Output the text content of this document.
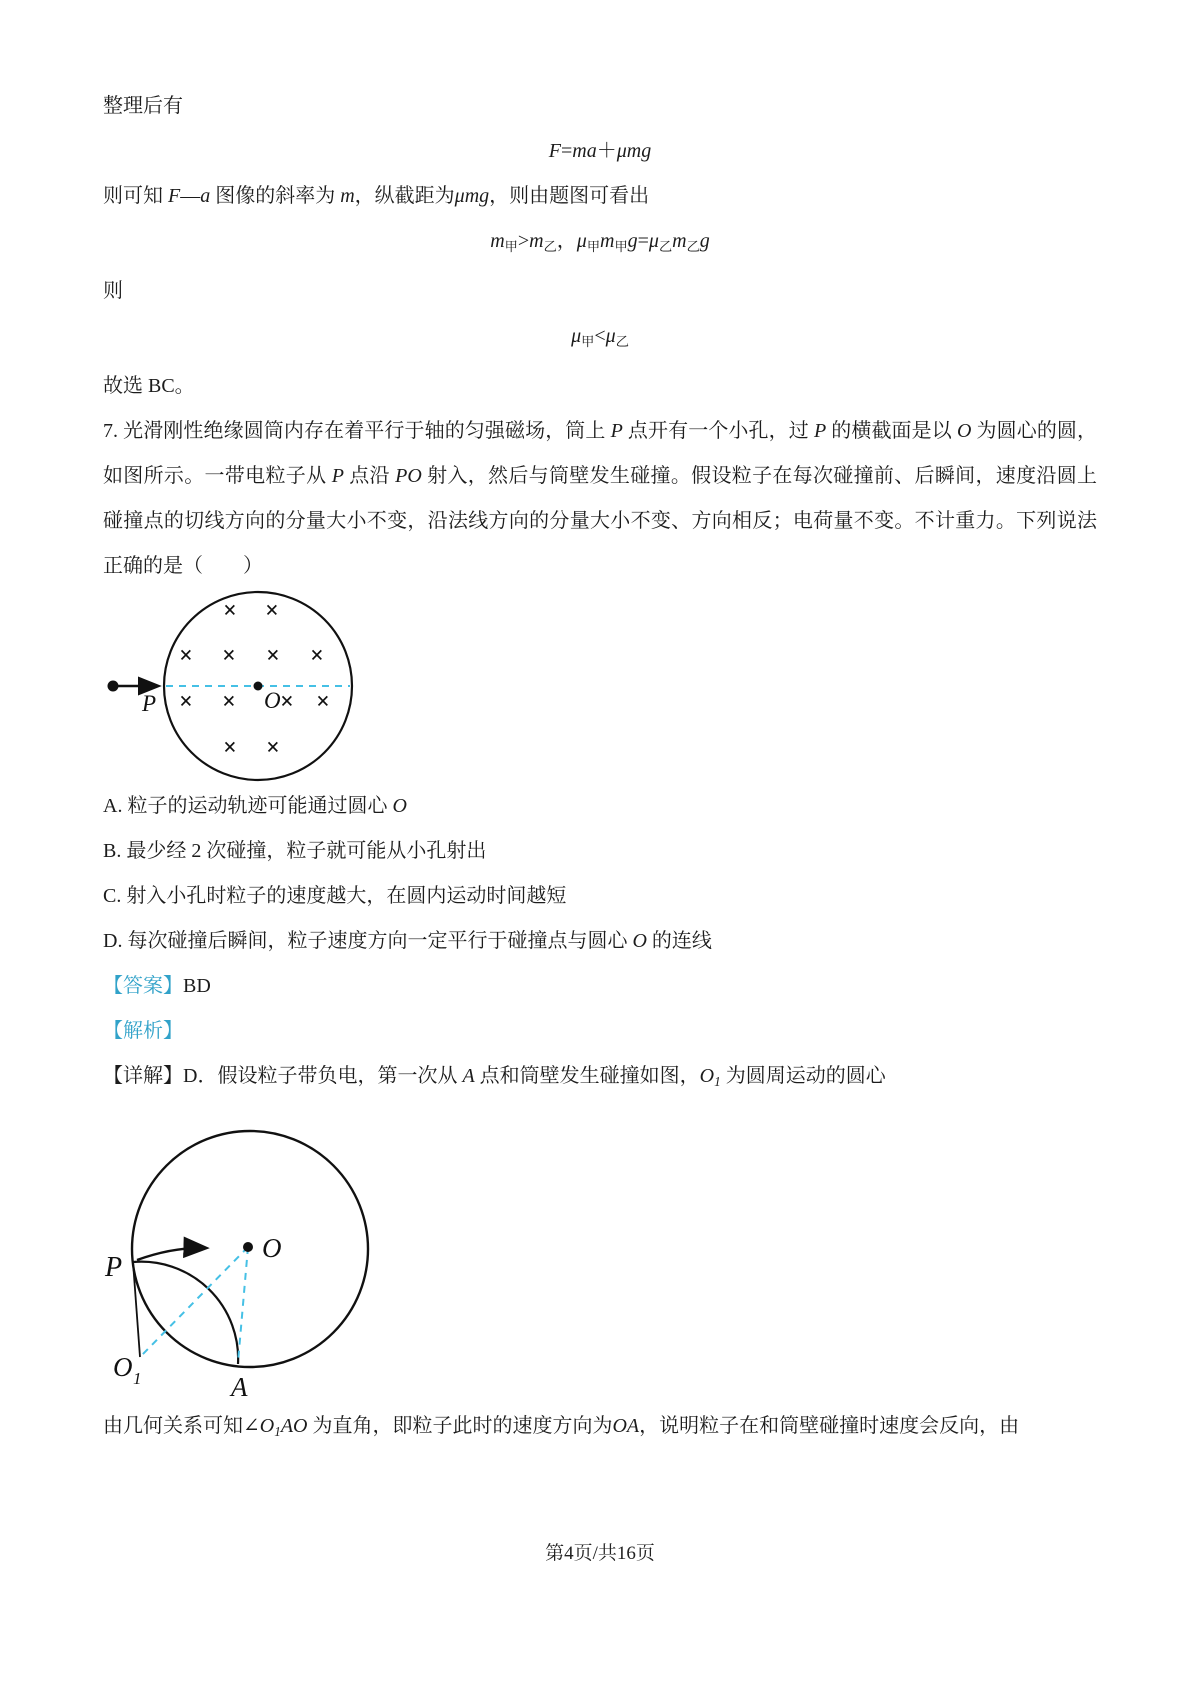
整理后有

F=ma＋μmg

则可知 F—a 图像的斜率为 m，纵截距为μmg，则由题图可看出

$m_甲>m_乙$，$\mu_甲m_甲g=\mu_乙m_乙g$

则

$\mu_甲<\mu_乙$

故选 BC。

7. 光滑刚性绝缘圆筒内存在着平行于轴的匀强磁场，筒上 P 点开有一个小孔，过 P 的横截面是以 O 为圆心的圆，如图所示。一带电粒子从 P 点沿 PO 射入，然后与筒壁发生碰撞。假设粒子在每次碰撞前、后瞬间，速度沿圆上碰撞点的切线方向的分量大小不变，沿法线方向的分量大小不变、方向相反；电荷量不变。不计重力。下列说法正确的是（　　）

P	O
× ×
× × × ×
× × × ×
× ×

A. 粒子的运动轨迹可能通过圆心 O

B. 最少经 2 次碰撞，粒子就可能从小孔射出

C. 射入小孔时粒子的速度越大，在圆内运动时间越短

D. 每次碰撞后瞬间，粒子速度方向一定平行于碰撞点与圆心 O 的连线

【答案】BD

【解析】

【详解】D．假设粒子带负电，第一次从 A 点和筒壁发生碰撞如图，$O_1$ 为圆周运动的圆心

O
P
O 1	A

由几何关系可知$\angle O_1AO$ 为直角，即粒子此时的速度方向为OA，说明粒子在和筒壁碰撞时速度会反向，由

第4页/共16页
